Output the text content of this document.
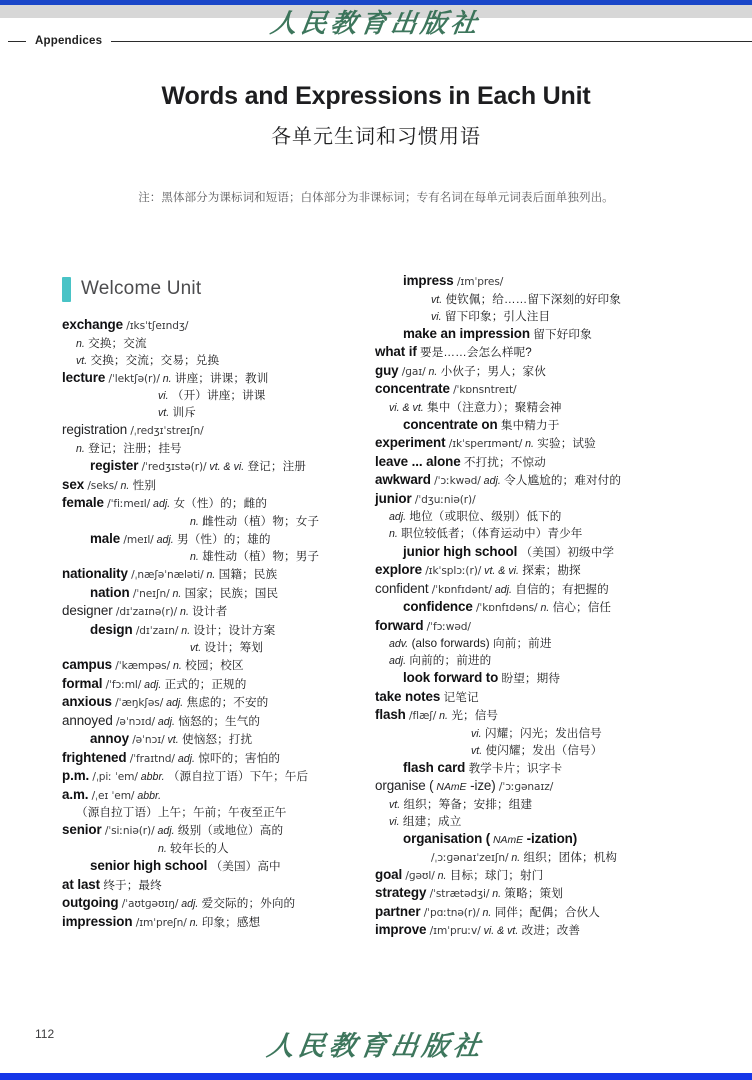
人民教育出版社
Appendices
Words and Expressions in Each Unit
各单元生词和习惯用语
注：黑体部分为课标词和短语；白体部分为非课标词；专有名词在每单元词表后面单独列出。
Welcome Unit
exchange /ɪksˈtʃeɪndʒ/
n. 交换；交流
vt. 交换；交流；交易；兑换
lecture /ˈlektʃə(r)/ n. 讲座；讲课；教训
vi. （开）讲座；讲课
vt. 训斥
registration /ˌredʒɪˈstreɪʃn/
n. 登记；注册；挂号
register /ˈredʒɪstə(r)/ vt. & vi. 登记；注册
sex /seks/ n. 性别
female /ˈfiːmeɪl/ adj. 女（性）的；雌的
n. 雌性动（植）物；女子
male /meɪl/ adj. 男（性）的；雄的
n. 雄性动（植）物；男子
nationality /ˌnæʃəˈnæləti/ n. 国籍；民族
nation /ˈneɪʃn/ n. 国家；民族；国民
designer /dɪˈzaɪnə(r)/ n. 设计者
design /dɪˈzaɪn/ n. 设计；设计方案
vt. 设计；筹划
campus /ˈkæmpəs/ n. 校园；校区
formal /ˈfɔːml/ adj. 正式的；正规的
anxious /ˈæŋkʃəs/ adj. 焦虑的；不安的
annoyed /əˈnɔɪd/ adj. 恼怒的；生气的
annoy /əˈnɔɪ/ vt. 使恼怒；打扰
frightened /ˈfraɪtnd/ adj. 惊吓的；害怕的
p.m. /ˌpiː ˈem/ abbr. （源自拉丁语）下午；午后
a.m. /ˌeɪ ˈem/ abbr.
（源自拉丁语）上午；午前；午夜至正午
senior /ˈsiːniə(r)/ adj. 级别（或地位）高的
n. 较年长的人
senior high school （美国）高中
at last 终于；最终
outgoing /ˈaʊtɡəʊɪŋ/ adj. 爱交际的；外向的
impression /ɪmˈpreʃn/ n. 印象；感想
impress /ɪmˈpres/
vt. 使钦佩；给……留下深刻的好印象
vi. 留下印象；引人注目
make an impression 留下好印象
what if 要是……会怎么样呢?
guy /ɡaɪ/ n. 小伙子；男人；家伙
concentrate /ˈkɒnsntreɪt/
vi. & vt. 集中（注意力）；聚精会神
concentrate on 集中精力于
experiment /ɪkˈsperɪmənt/ n. 实验；试验
leave ... alone 不打扰；不惊动
awkward /ˈɔːkwəd/ adj. 令人尴尬的；难对付的
junior /ˈdʒuːniə(r)/
adj. 地位（或职位、级别）低下的
n. 职位较低者；（体育运动中）青少年
junior high school （美国）初级中学
explore /ɪkˈsplɔː(r)/ vt. & vi. 探索；勘探
confident /ˈkɒnfɪdənt/ adj. 自信的；有把握的
confidence /ˈkɒnfɪdəns/ n. 信心；信任
forward /ˈfɔːwəd/
adv. (also forwards) 向前；前进
adj. 向前的；前进的
look forward to 盼望；期待
take notes 记笔记
flash /flæʃ/ n. 光；信号
vi. 闪耀；闪光；发出信号
vt. 使闪耀；发出（信号）
flash card 教学卡片；识字卡
organise ( NAmE -ize) /ˈɔːɡənaɪz/
vt. 组织；筹备；安排；组建
vi. 组建；成立
organisation ( NAmE -ization)
/ˌɔːɡənaɪˈzeɪʃn/ n. 组织；团体；机构
goal /ɡəʊl/ n. 目标；球门；射门
strategy /ˈstrætədʒi/ n. 策略；策划
partner /ˈpɑːtnə(r)/ n. 同伴；配偶；合伙人
improve /ɪmˈpruːv/ vi. & vt. 改进；改善
112	人民教育出版社
